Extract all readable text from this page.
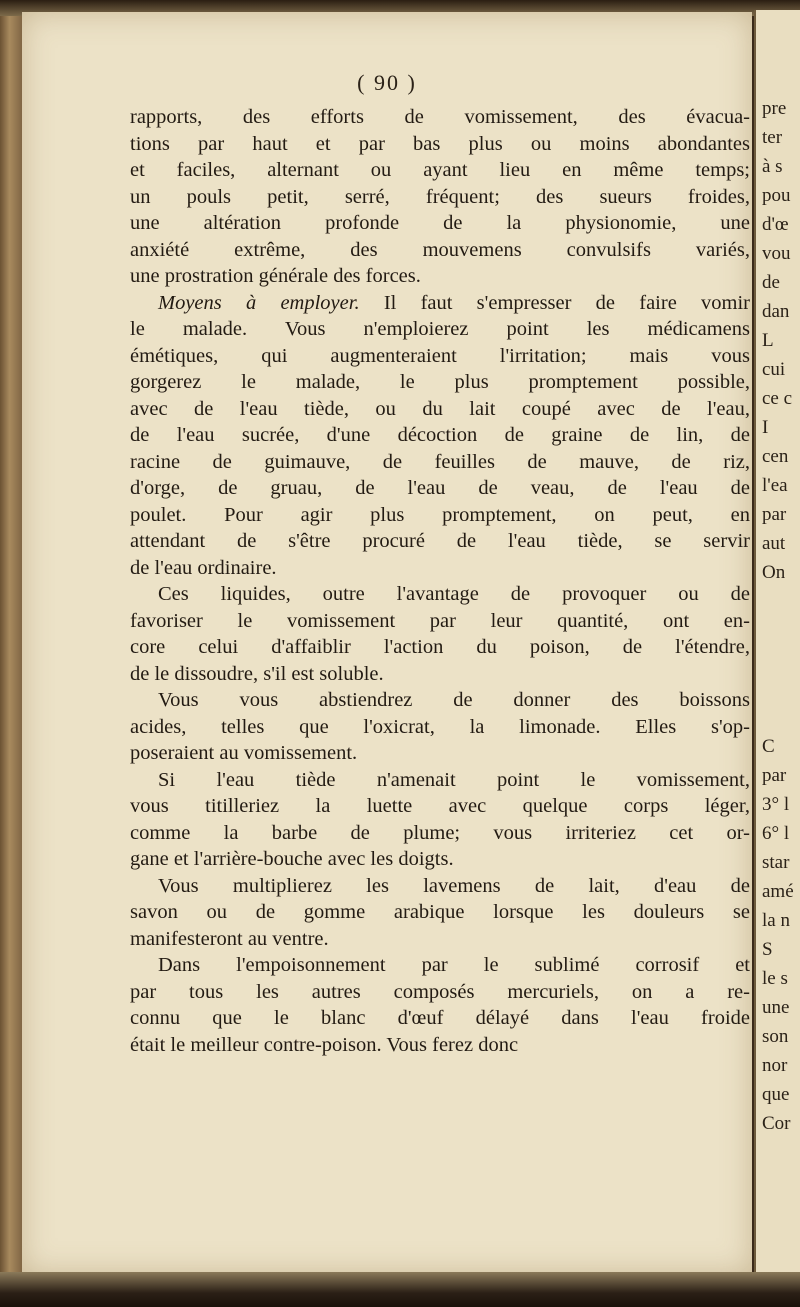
( 90 )
rapports, des efforts de vomissement, des évacua-
tions par haut et par bas plus ou moins abondantes
et faciles, alternant ou ayant lieu en même temps;
un pouls petit, serré, fréquent; des sueurs froides,
une altération profonde de la physionomie, une
anxiété extrême, des mouvemens convulsifs variés,
une prostration générale des forces.
Moyens à employer. Il faut s'empresser de faire vomir
le malade. Vous n'emploierez point les médicamens
émétiques, qui augmenteraient l'irritation; mais vous
gorgerez le malade, le plus promptement possible,
avec de l'eau tiède, ou du lait coupé avec de l'eau,
de l'eau sucrée, d'une décoction de graine de lin, de
racine de guimauve, de feuilles de mauve, de riz,
d'orge, de gruau, de l'eau de veau, de l'eau de
poulet. Pour agir plus promptement, on peut, en
attendant de s'être procuré de l'eau tiède, se servir
de l'eau ordinaire.
Ces liquides, outre l'avantage de provoquer ou de
favoriser le vomissement par leur quantité, ont en-
core celui d'affaiblir l'action du poison, de l'étendre,
de le dissoudre, s'il est soluble.
Vous vous abstiendrez de donner des boissons
acides, telles que l'oxicrat, la limonade. Elles s'op-
poseraient au vomissement.
Si l'eau tiède n'amenait point le vomissement,
vous titilleriez la luette avec quelque corps léger,
comme la barbe de plume; vous irriteriez cet or-
gane et l'arrière-bouche avec les doigts.
Vous multiplierez les lavemens de lait, d'eau de
savon ou de gomme arabique lorsque les douleurs se
manifesteront au ventre.
Dans l'empoisonnement par le sublimé corrosif et
par tous les autres composés mercuriels, on a re-
connu que le blanc d'œuf délayé dans l'eau froide
était le meilleur contre-poison. Vous ferez donc
pre
ter
à s
pou
d'œ
vou
de
dan
L
cui
ce c
I
cen
l'ea
par
aut
On
C
par
3° l
6° l
star
amé
la n
S
le s
une
son
nor
que
Cor
